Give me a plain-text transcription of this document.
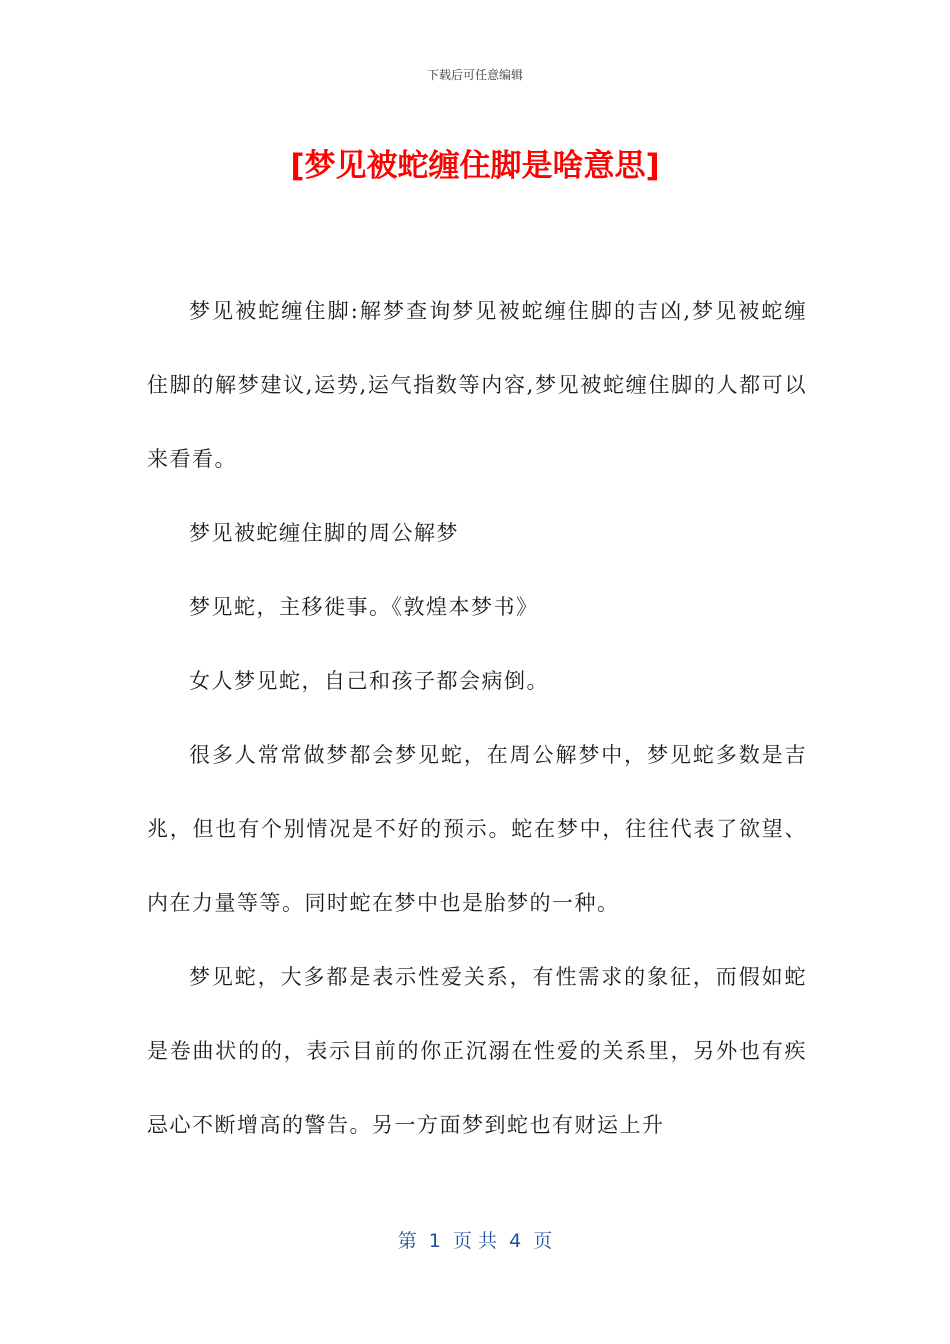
下载后可任意编辑
[梦见被蛇缠住脚是啥意思]

梦见被蛇缠住脚:解梦查询梦见被蛇缠住脚的吉凶,梦见被蛇缠住脚的解梦建议,运势,运气指数等内容,梦见被蛇缠住脚的人都可以来看看。

梦见被蛇缠住脚的周公解梦

梦见蛇，主移徙事。《敦煌本梦书》

女人梦见蛇，自己和孩子都会病倒。

很多人常常做梦都会梦见蛇，在周公解梦中，梦见蛇多数是吉兆，但也有个别情况是不好的预示。蛇在梦中，往往代表了欲望、内在力量等等。同时蛇在梦中也是胎梦的一种。

梦见蛇，大多都是表示性爱关系，有性需求的象征，而假如蛇是卷曲状的的，表示目前的你正沉溺在性爱的关系里，另外也有疾忌心不断增高的警告。另一方面梦到蛇也有财运上升

第  1  页 共  4  页
